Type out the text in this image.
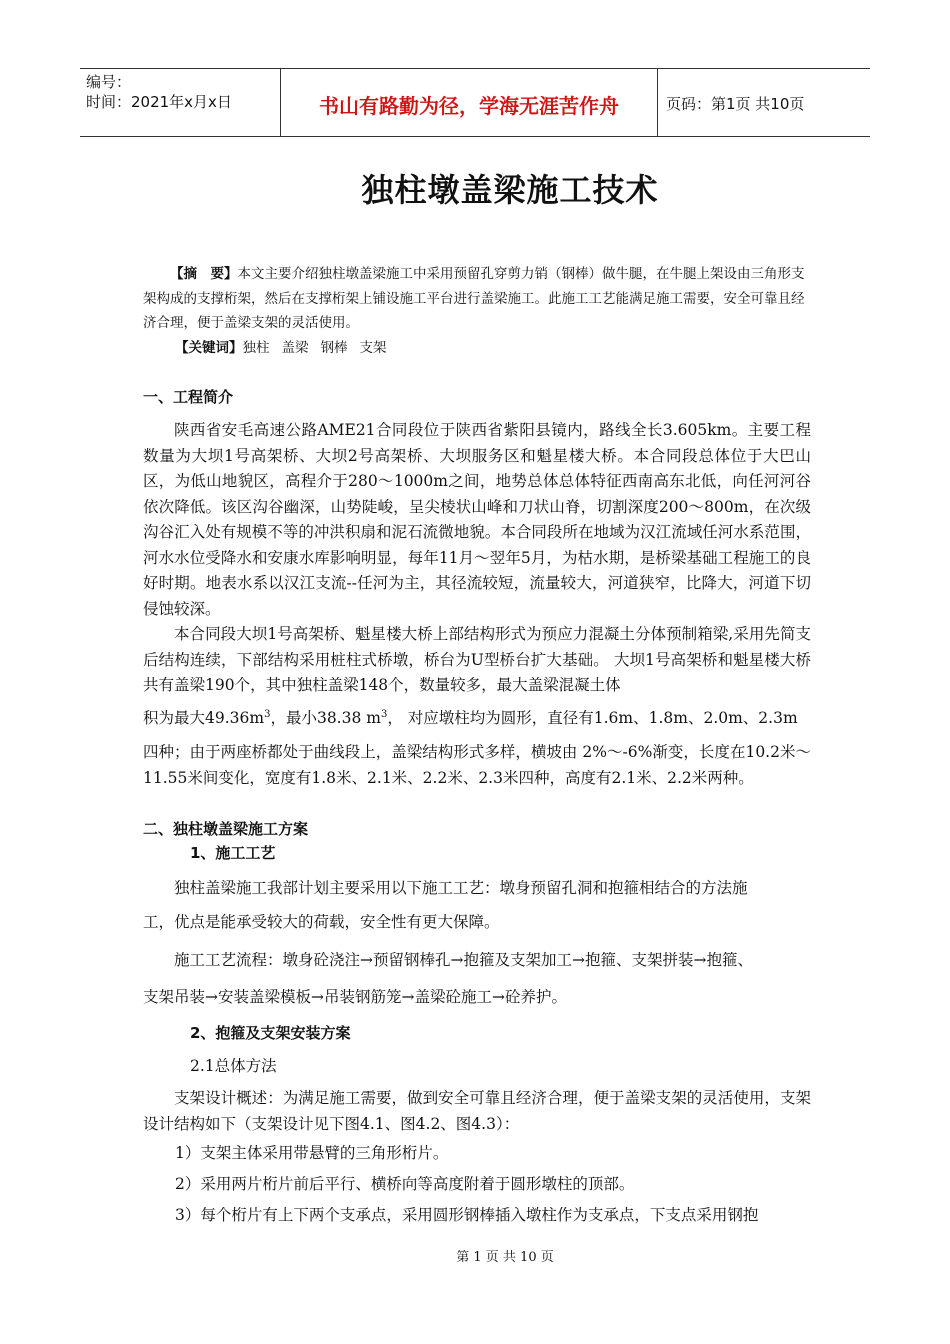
编号：
时间：2021年x月x日	书山有路勤为径，学海无涯苦作舟	页码：第1页 共10页
独柱墩盖梁施工技术
【摘　要】本文主要介绍独柱墩盖梁施工中采用预留孔穿剪力销（钢棒）做牛腿，在牛腿上架设由三角形支架构成的支撑桁架，然后在支撑桁架上铺设施工平台进行盖梁施工。此施工工艺能满足施工需要，安全可靠且经济合理，便于盖梁支架的灵活使用。
【关键词】独柱 盖梁 钢棒 支架
一、工程简介

陕西省安毛高速公路AME21合同段位于陕西省紫阳县镜内，路线全长3.605km。主要工程数量为大坝1号高架桥、大坝2号高架桥、大坝服务区和魁星楼大桥。本合同段总体位于大巴山区，为低山地貌区，高程介于280～1000m之间，地势总体总体特征西南高东北低，向任河河谷依次降低。该区沟谷幽深，山势陡峻，呈尖棱状山峰和刀状山脊，切割深度200～800m，在次级沟谷汇入处有规模不等的冲洪积扇和泥石流微地貌。本合同段所在地域为汉江流域任河水系范围，河水水位受降水和安康水库影响明显，每年11月～翌年5月，为枯水期，是桥梁基础工程施工的良好时期。地表水系以汉江支流--任河为主，其径流较短，流量较大，河道狭窄，比降大，河道下切侵蚀较深。

本合同段大坝1号高架桥、魁星楼大桥上部结构形式为预应力混凝土分体预制箱梁,采用先简支后结构连续，下部结构采用桩柱式桥墩，桥台为U型桥台扩大基础。 大坝1号高架桥和魁星楼大桥共有盖梁190个，其中独柱盖梁148个，数量较多，最大盖梁混凝土体

积为最大$49.36m^3$，最小38.38 $m^3$， 对应墩柱均为圆形，直径有1.6m、1.8m、2.0m、2.3m
四种；由于两座桥都处于曲线段上，盖梁结构形式多样，横坡由 2%～-6%渐变，长度在10.2米～11.55米间变化，宽度有1.8米、2.1米、2.2米、2.3米四种，高度有2.1米、2.2米两种。
二、独柱墩盖梁施工方案
1、施工工艺
独柱盖梁施工我部计划主要采用以下施工工艺：墩身预留孔洞和抱箍相结合的方法施
工，优点是能承受较大的荷载，安全性有更大保障。
施工工艺流程：墩身砼浇注→预留钢棒孔→抱箍及支架加工→抱箍、支架拼装→抱箍、
支架吊装→安装盖梁模板→吊装钢筋笼→盖梁砼施工→砼养护。
2、抱箍及支架安装方案
2.1总体方法

支架设计概述：为满足施工需要，做到安全可靠且经济合理，便于盖梁支架的灵活使用，支架设计结构如下（支架设计见下图4.1、图4.2、图4.3）：

1）支架主体采用带悬臂的三角形桁片。
2）采用两片桁片前后平行、横桥向等高度附着于圆形墩柱的顶部。
3）每个桁片有上下两个支承点，采用圆形钢棒插入墩柱作为支承点，下支点采用钢抱
第 1 页 共 10 页
